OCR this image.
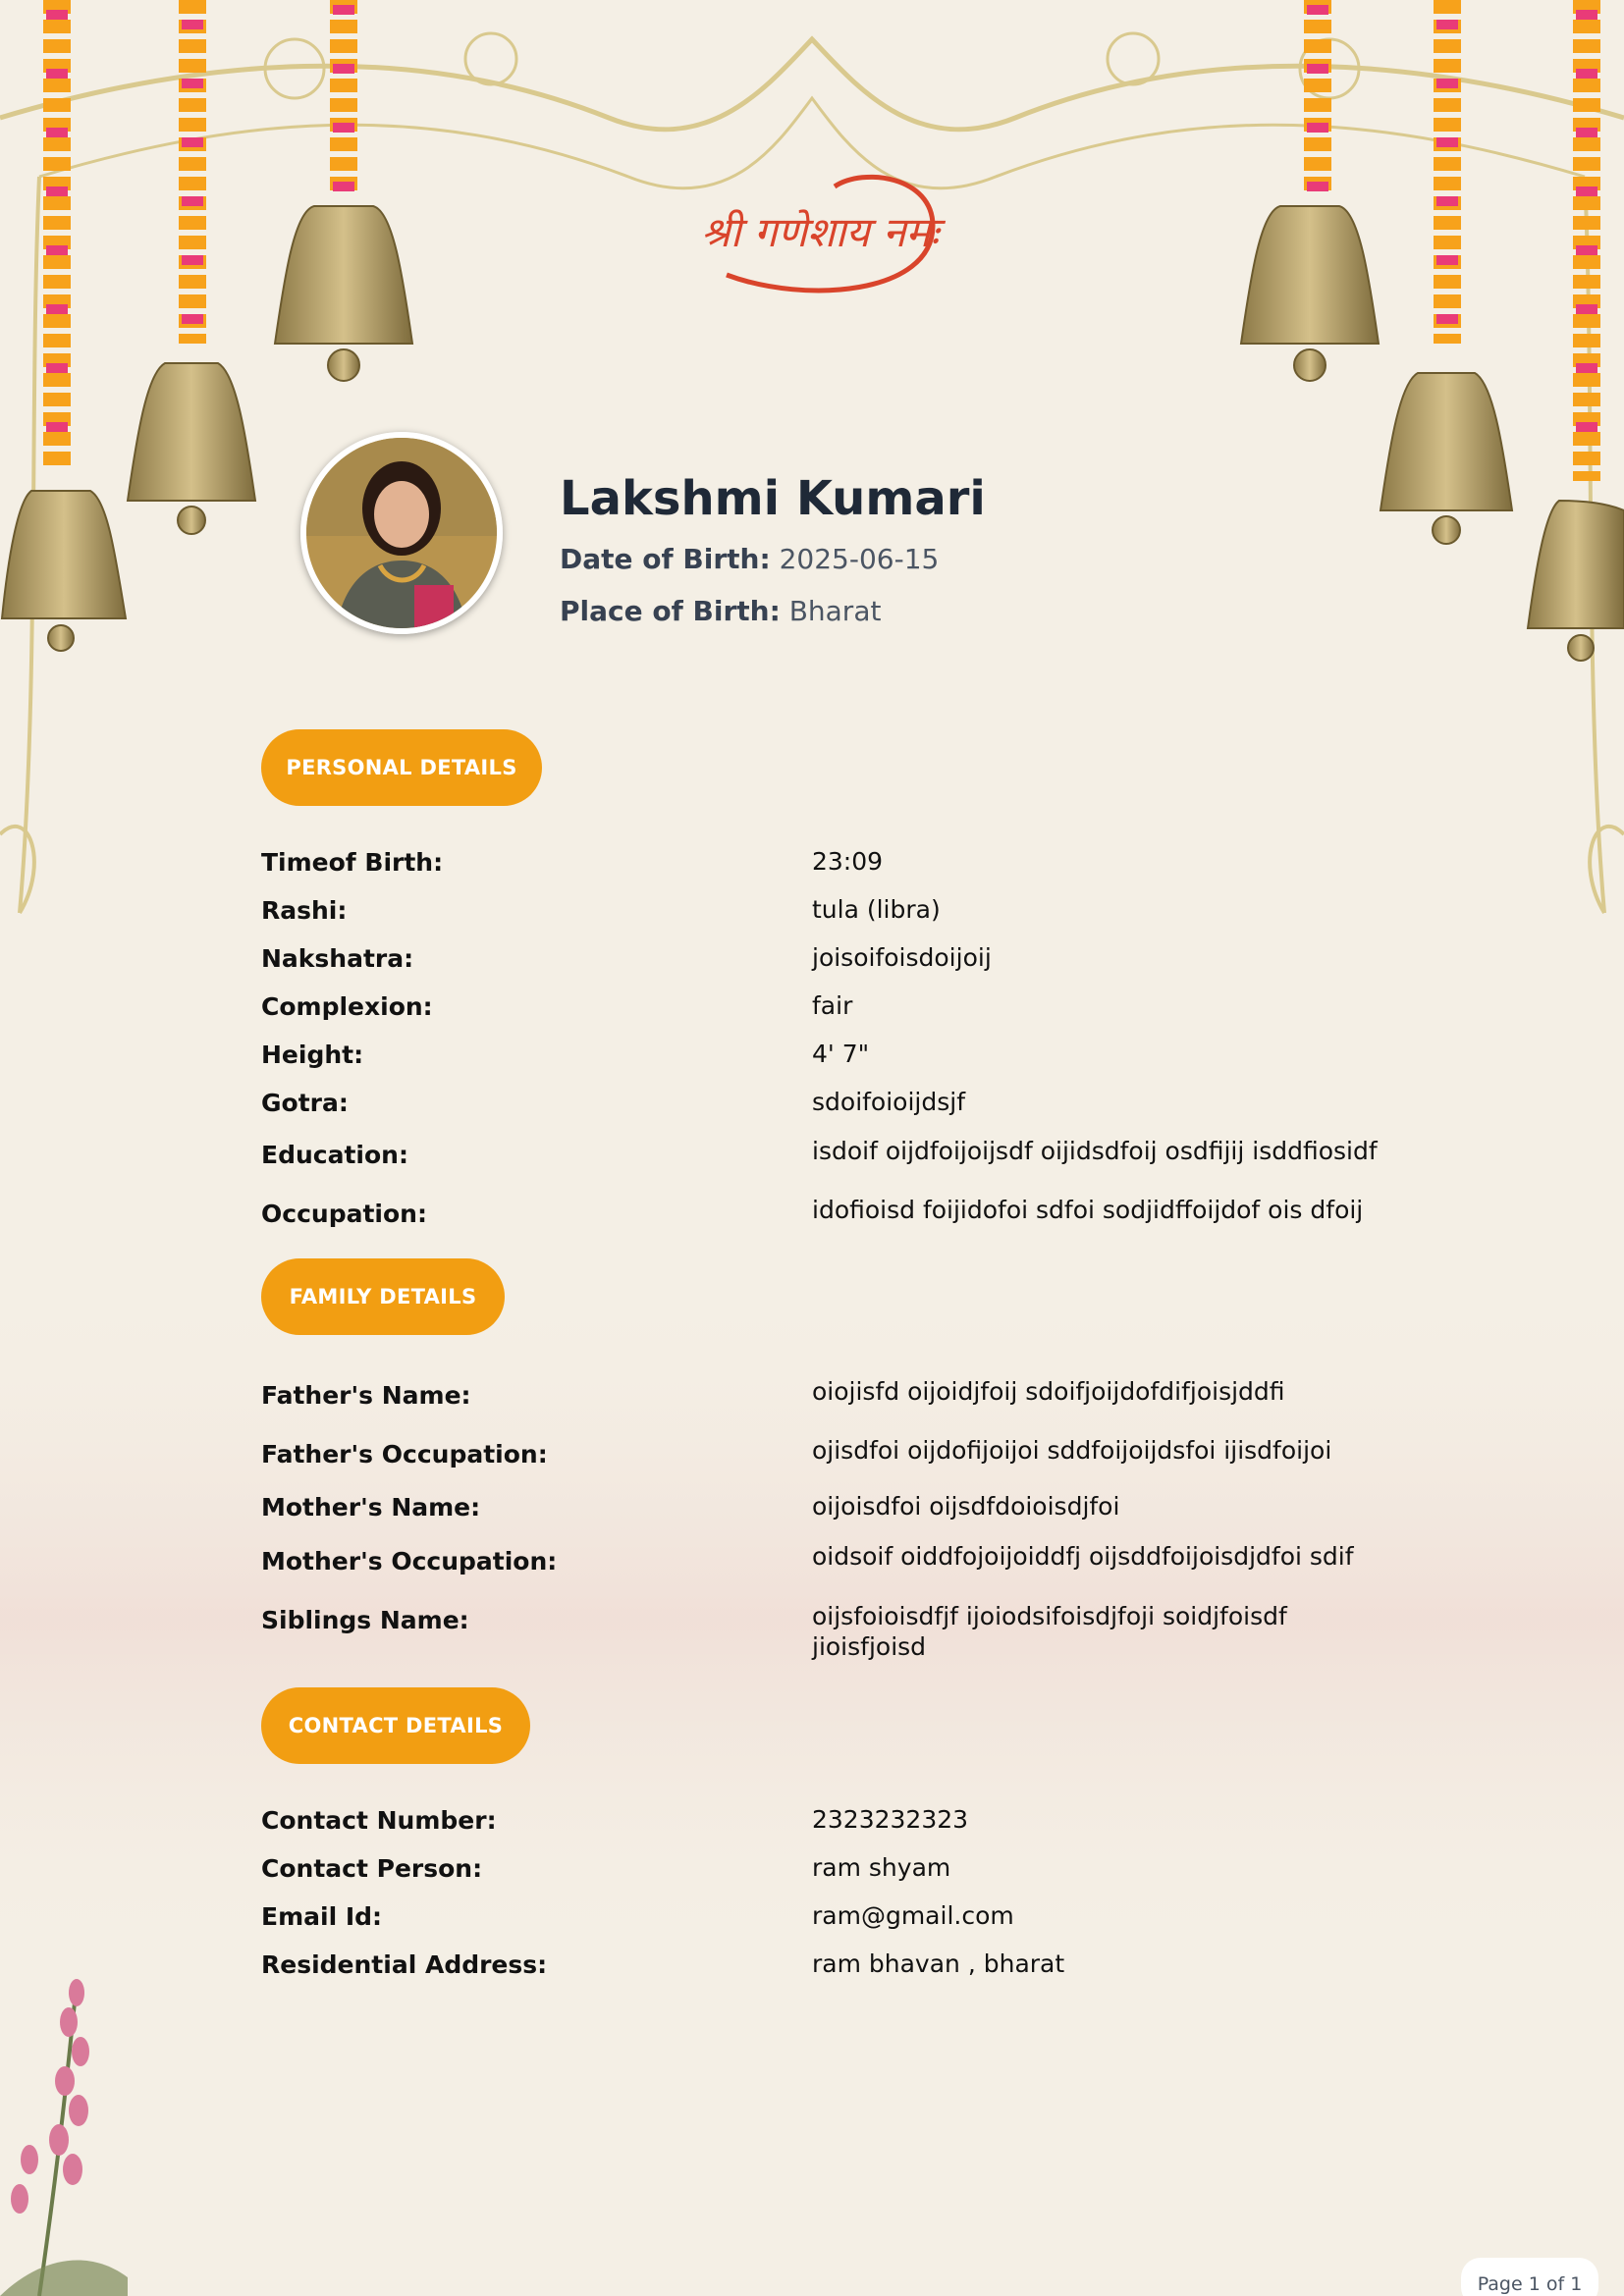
श्री गणेशाय नमः
Lakshmi Kumari
Date of Birth: 2025-06-15
Place of Birth: Bharat
PERSONAL DETAILS
Timeof Birth:	23:09
Rashi:	tula (libra)
Nakshatra:	joisoifoisdoijoij
Complexion:	fair
Height:	4' 7"
Gotra:	sdoifoioijdsjf
Education:	isdoif oijdfoijoijsdf oijidsdfoij osdfijij isddfiosidf
Occupation:	idofioisd foijidofoi sdfoi sodjidffoijdof ois dfoij
FAMILY DETAILS
Father's Name:	oiojisfd oijoidjfoij sdoifjoijdofdifjoisjddfi
Father's Occupation:	ojisdfoi oijdofijoijoi sddfoijoijdsfoi ijisdfoijoi
Mother's Name:	oijoisdfoi oijsdfdoioisdjfoi
Mother's Occupation:	oidsoif oiddfojoijoiddfj oijsddfoijoisdjdfoi sdif
Siblings Name:	oijsfoioisdfjf ijoiodsifoisdjfoji soidjfoisdf jioisfjoisd
CONTACT DETAILS
Contact Number:	2323232323
Contact Person:	ram shyam
Email Id:	ram@gmail.com
Residential Address:	ram bhavan , bharat
Page 1 of 1
